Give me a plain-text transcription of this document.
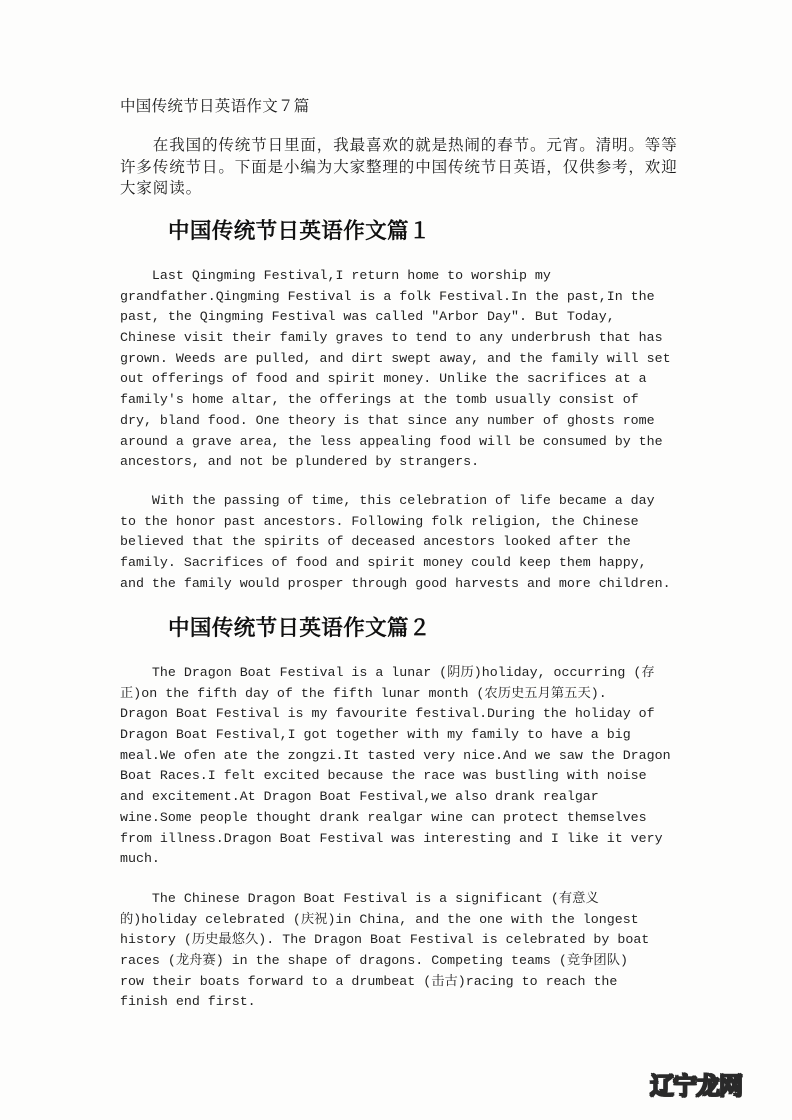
中国传统节日英语作文７篇
　　在我国的传统节日里面，我最喜欢的就是热闹的春节。元宵。清明。等等
许多传统节日。下面是小编为大家整理的中国传统节日英语，仅供参考，欢迎
大家阅读。
中国传统节日英语作文篇１
Last Qingming Festival,I return home to worship my
grandfather.Qingming Festival is a folk Festival.In the past,In the
past, the Qingming Festival was called "Arbor Day". But Today,
Chinese visit their family graves to tend to any underbrush that has
grown. Weeds are pulled, and dirt swept away, and the family will set
out offerings of food and spirit money. Unlike the sacrifices at a
family's home altar, the offerings at the tomb usually consist of
dry, bland food. One theory is that since any number of ghosts rome
around a grave area, the less appealing food will be consumed by the
ancestors, and not be plundered by strangers.
With the passing of time, this celebration of life became a day
to the honor past ancestors. Following folk religion, the Chinese
believed that the spirits of deceased ancestors looked after the
family. Sacrifices of food and spirit money could keep them happy,
and the family would prosper through good harvests and more children.
中国传统节日英语作文篇２
The Dragon Boat Festival is a lunar (阴历)holiday, occurring (存
正)on the fifth day of the fifth lunar month (农历史五月第五天).
Dragon Boat Festival is my favourite festival.During the holiday of
Dragon Boat Festival,I got together with my family to have a big
meal.We ofen ate the zongzi.It tasted very nice.And we saw the Dragon
Boat Races.I felt excited because the race was bustling with noise
and excitement.At Dragon Boat Festival,we also drank realgar
wine.Some people thought drank realgar wine can protect themselves
from illness.Dragon Boat Festival was interesting and I like it very
much.
The Chinese Dragon Boat Festival is a significant (有意义
的)holiday celebrated (庆祝)in China, and the one with the longest
history (历史最悠久). The Dragon Boat Festival is celebrated by boat
races (龙舟赛) in the shape of dragons. Competing teams (竞争团队)
row their boats forward to a drumbeat (击古)racing to reach the
finish end first.
辽宁龙网
